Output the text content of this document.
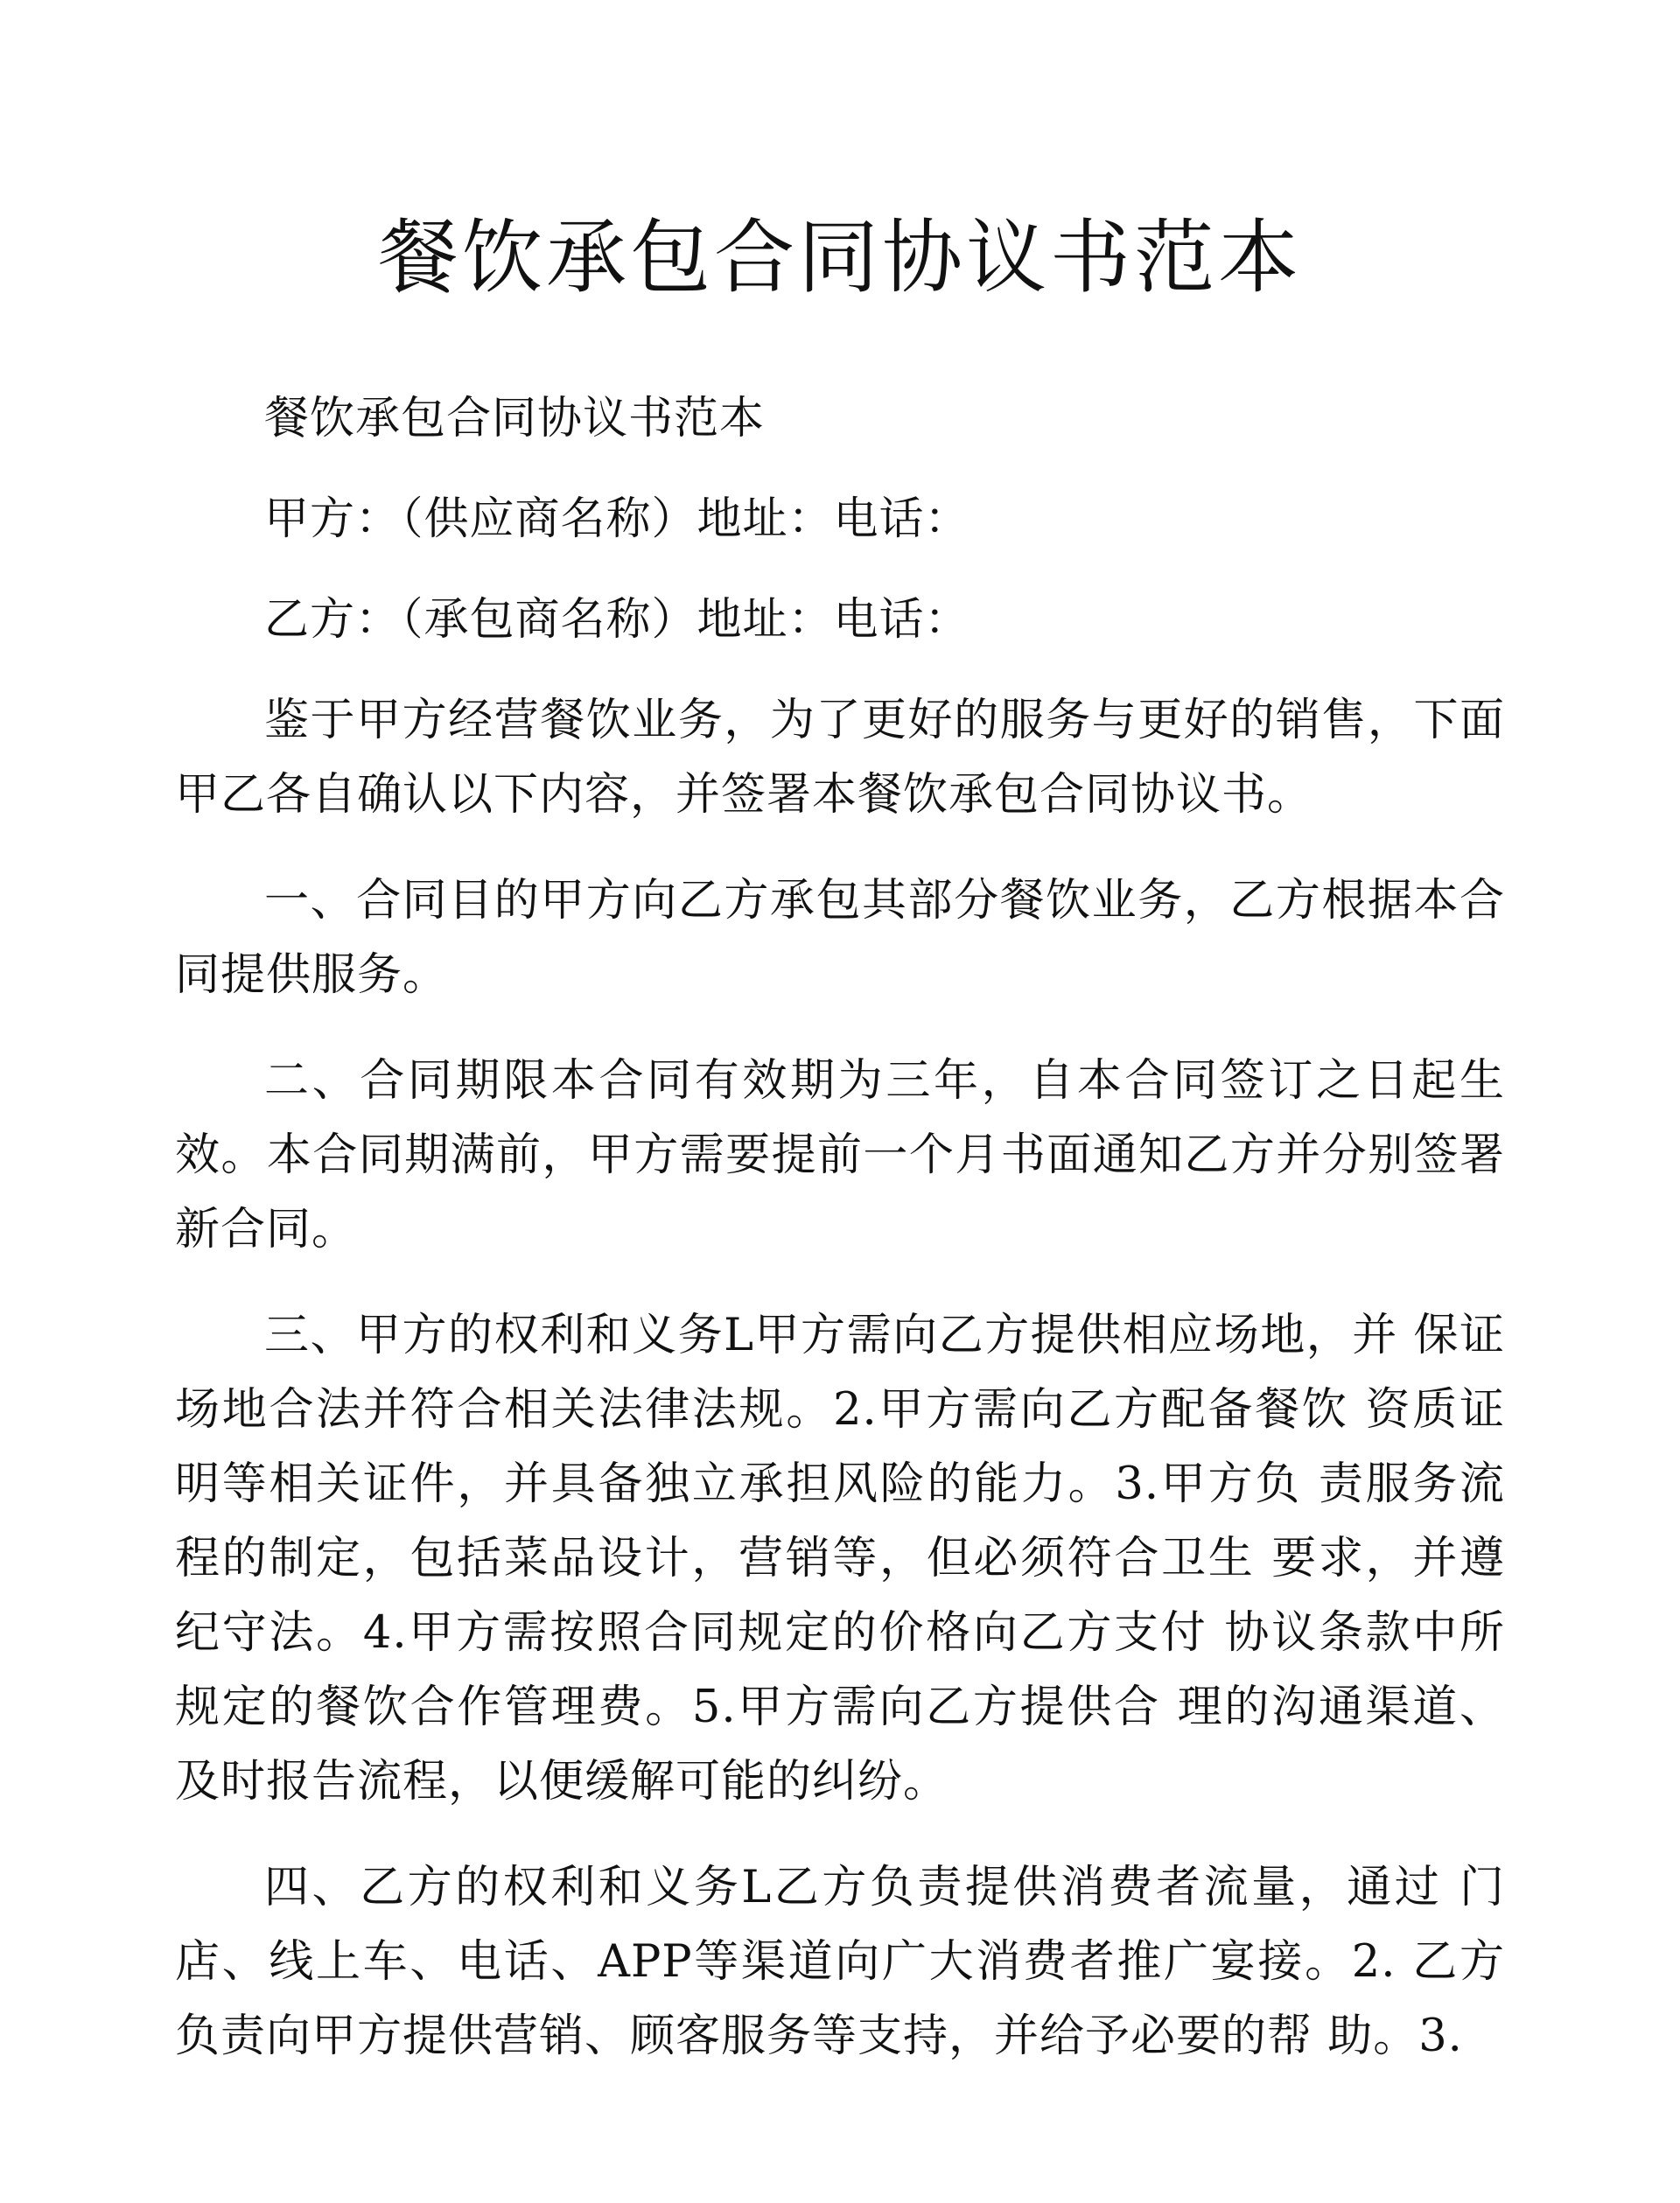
餐饮承包合同协议书范本

餐饮承包合同协议书范本

甲方：（供应商名称）地址：电话：

乙方：（承包商名称）地址：电话：

鉴于甲方经营餐饮业务，为了更好的服务与更好的销售，下面甲乙各自确认以下内容，并签署本餐饮承包合同协议书。

一、合同目的甲方向乙方承包其部分餐饮业务，乙方根据本合同提供服务。

二、合同期限本合同有效期为三年，自本合同签订之日起生效。本合同期满前，甲方需要提前一个月书面通知乙方并分别签署新合同。

三、甲方的权利和义务L甲方需向乙方提供相应场地，并 保证场地合法并符合相关法律法规。2.甲方需向乙方配备餐饮 资质证明等相关证件，并具备独立承担风险的能力。3.甲方负 责服务流程的制定，包括菜品设计，营销等，但必须符合卫生 要求，并遵纪守法。4.甲方需按照合同规定的价格向乙方支付 协议条款中所规定的餐饮合作管理费。5.甲方需向乙方提供合 理的沟通渠道、及时报告流程，以便缓解可能的纠纷。

四、乙方的权利和义务L乙方负责提供消费者流量，通过 门店、线上车、电话、APP等渠道向广大消费者推广宴接。2. 乙方负责向甲方提供营销、顾客服务等支持，并给予必要的帮 助。3.
